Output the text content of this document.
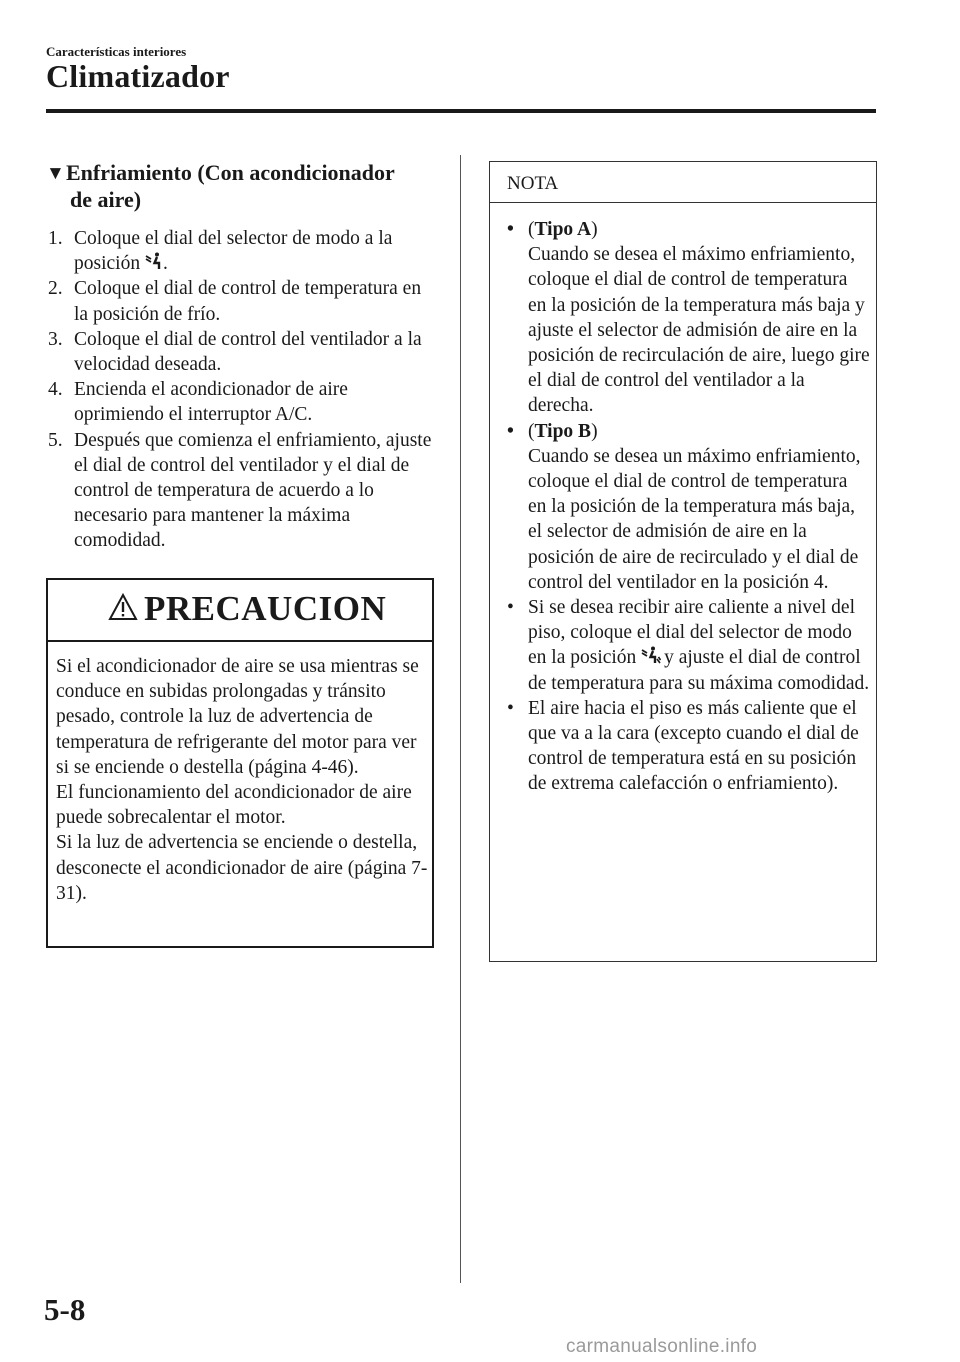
Características interiores
Climatizador
▼Enfriamiento (Con acondicionador
de aire)
1. Coloque el dial del selector de modo a la posición .
2. Coloque el dial de control de temperatura en la posición de frío.
3. Coloque el dial de control del ventilador a la velocidad deseada.
4. Encienda el acondicionador de aire oprimiendo el interruptor A/C.
5. Después que comienza el enfriamiento, ajuste el dial de control del ventilador y el dial de control de temperatura de acuerdo a lo necesario para mantener la máxima comodidad.
PRECAUCION

Si el acondicionador de aire se usa mientras se conduce en subidas prolongadas y tránsito pesado, controle la luz de advertencia de temperatura de refrigerante del motor para ver si se enciende o destella (página 4-46).

El funcionamiento del acondicionador de aire puede sobrecalentar el motor.

Si la luz de advertencia se enciende o destella, desconecte el acondicionador de aire (página 7-31).

NOTA
• (Tipo A)
Cuando se desea el máximo enfriamiento, coloque el dial de control de temperatura en la posición de la temperatura más baja y ajuste el selector de admisión de aire en la posición de recirculación de aire, luego gire el dial de control del ventilador a la derecha.
• (Tipo B)
Cuando se desea un máximo enfriamiento, coloque el dial de control de temperatura en la posición de la temperatura más baja, el selector de admisión de aire en la posición de aire de recirculado y el dial de control del ventilador en la posición 4.
• Si se desea recibir aire caliente a nivel del piso, coloque el dial del selector de modo en la posición  y ajuste el dial de control de temperatura para su máxima comodidad.
• El aire hacia el piso es más caliente que el que va a la cara (excepto cuando el dial de control de temperatura está en su posición de extrema calefacción o enfriamiento).
5-8
carmanualsonline.info
